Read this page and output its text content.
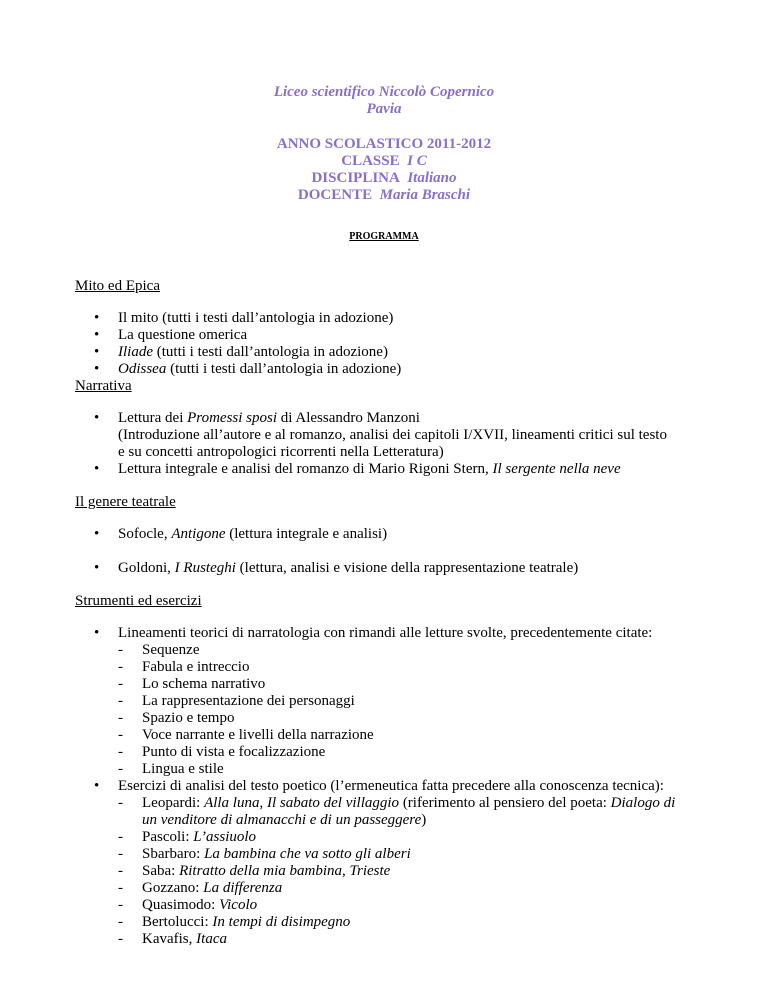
Liceo scientifico Niccolò Copernico
Pavia
ANNO SCOLASTICO 2011-2012
CLASSE I C
DISCIPLINA Italiano
DOCENTE Maria Braschi
PROGRAMMA
Mito ed Epica
• Il mito (tutti i testi dall’antologia in adozione)
• La questione omerica
• Iliade (tutti i testi dall’antologia in adozione)
• Odissea (tutti i testi dall’antologia in adozione)
Narrativa
• Lettura dei Promessi sposi di Alessandro Manzoni
(Introduzione all’autore e al romanzo, analisi dei capitoli I/XVII, lineamenti critici sul testo
e su concetti antropologici ricorrenti nella Letteratura)
• Lettura integrale e analisi del romanzo di Mario Rigoni Stern, Il sergente nella neve
Il genere teatrale
• Sofocle, Antigone (lettura integrale e analisi)
• Goldoni, I Rusteghi (lettura, analisi e visione della rappresentazione teatrale)
Strumenti ed esercizi
• Lineamenti teorici di narratologia con rimandi alle letture svolte, precedentemente citate:
- Sequenze
- Fabula e intreccio
- Lo schema narrativo
- La rappresentazione dei personaggi
- Spazio e tempo
- Voce narrante e livelli della narrazione
- Punto di vista e focalizzazione
- Lingua e stile
• Esercizi di analisi del testo poetico (l’ermeneutica fatta precedere alla conoscenza tecnica):
- Leopardi: Alla luna, Il sabato del villaggio (riferimento al pensiero del poeta: Dialogo di
un venditore di almanacchi e di un passeggere)
- Pascoli: L’assiuolo
- Sbarbaro: La bambina che va sotto gli alberi
- Saba: Ritratto della mia bambina, Trieste
- Gozzano: La differenza
- Quasimodo: Vicolo
- Bertolucci: In tempi di disimpegno
- Kavafis, Itaca
